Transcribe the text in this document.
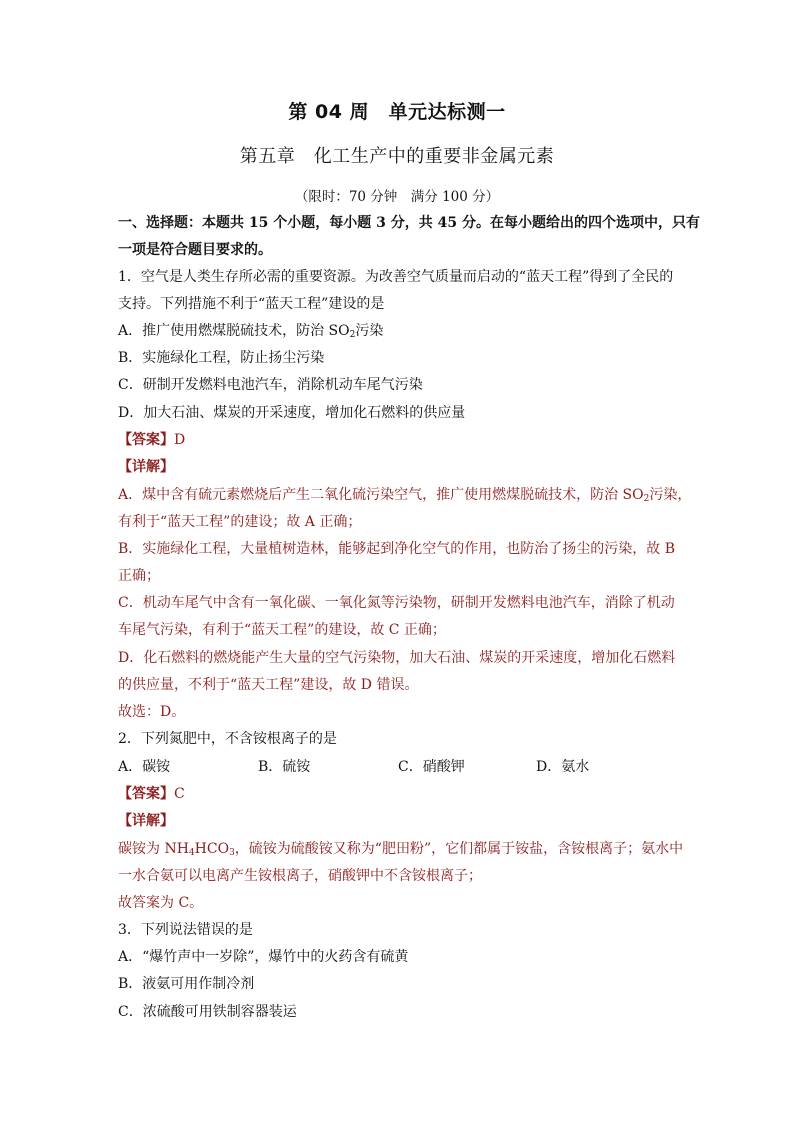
第 04 周　单元达标测一
第五章　化工生产中的重要非金属元素
（限时：70 分钟　满分 100 分）
一、选择题：本题共 15 个小题，每小题 3 分，共 45 分。在每小题给出的四个选项中，只有
一项是符合题目要求的。
1．空气是人类生存所必需的重要资源。为改善空气质量而启动的“蓝天工程”得到了全民的
支持。下列措施不利于“蓝天工程”建设的是
A．推广使用燃煤脱硫技术，防治 $SO_2$污染
B．实施绿化工程，防止扬尘污染
C．研制开发燃料电池汽车，消除机动车尾气污染
D．加大石油、煤炭的开采速度，增加化石燃料的供应量
【答案】D
【详解】
A．煤中含有硫元素燃烧后产生二氧化硫污染空气，推广使用燃煤脱硫技术，防治 $SO_2$污染，
有利于“蓝天工程”的建设；故 A 正确；
B．实施绿化工程，大量植树造林，能够起到净化空气的作用，也防治了扬尘的污染，故 B
正确；
C．机动车尾气中含有一氧化碳、一氧化氮等污染物，研制开发燃料电池汽车，消除了机动
车尾气污染，有利于“蓝天工程”的建设，故 C 正确；
D．化石燃料的燃烧能产生大量的空气污染物，加大石油、煤炭的开采速度，增加化石燃料
的供应量，不利于“蓝天工程”建设，故 D 错误。
故选：D。
2．下列氮肥中，不含铵根离子的是
A．碳铵	B．硫铵	C．硝酸钾	D．氨水
【答案】C
【详解】
碳铵为 $NH_4HCO_3$，硫铵为硫酸铵又称为“肥田粉”，它们都属于铵盐，含铵根离子；氨水中
一水合氨可以电离产生铵根离子，硝酸钾中不含铵根离子；
故答案为 C。
3．下列说法错误的是
A．“爆竹声中一岁除”，爆竹中的火药含有硫黄
B．液氨可用作制冷剂
C．浓硫酸可用铁制容器装运
